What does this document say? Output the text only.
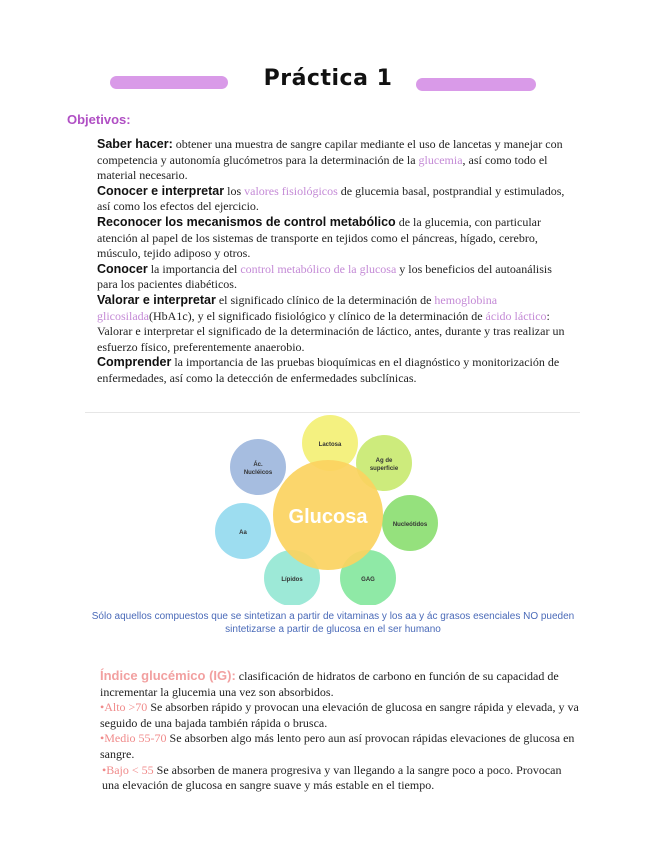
Práctica 1
Objetivos:

Saber hacer: obtener una muestra de sangre capilar mediante el uso de lancetas y manejar con competencia y autonomía glucómetros para la determinación de la glucemia, así como todo el material necesario.

Conocer e interpretar los valores fisiológicos de glucemia basal, postprandial y estimulados, así como los efectos del ejercicio.

Reconocer los mecanismos de control metabólico de la glucemia, con particular atención al papel de los sistemas de transporte en tejidos como el páncreas, hígado, cerebro, músculo, tejido adiposo y otros.

Conocer la importancia del control metabólico de la glucosa y los beneficios del autoanálisis para los pacientes diabéticos.

Valorar e interpretar el significado clínico de la determinación de hemoglobina glicosilada(HbA1c), y el significado fisiológico y clínico de la determinación de ácido láctico: Valorar e interpretar el significado de la determinación de láctico, antes, durante y tras realizar un esfuerzo físico, preferentemente anaerobio.

Comprender la importancia de las pruebas bioquímicas en el diagnóstico y monitorización de enfermedades, así como la detección de enfermedades subclínicas.

Lactosa
Ag de
superficie
Nucleótidos
GAG
Lípidos
Aa
Ác.
Nucléicos
Glucosa
Sólo aquellos compuestos que se sintetizan a partir de vitaminas y los aa y ác grasos esenciales NO pueden sintetizarse a partir de glucosa en el ser humano

Índice glucémico (IG): clasificación de hidratos de carbono en función de su capacidad de incrementar la glucemia una vez son absorbidos.

•Alto >70 Se absorben rápido y provocan una elevación de glucosa en sangre rápida y elevada, y va seguido de una bajada también rápida o brusca.

•Medio 55-70 Se absorben algo más lento pero aun así provocan rápidas elevaciones de glucosa en sangre.

•Bajo < 55 Se absorben de manera progresiva y van llegando a la sangre poco a poco. Provocan una elevación de glucosa en sangre suave y más estable en el tiempo.
